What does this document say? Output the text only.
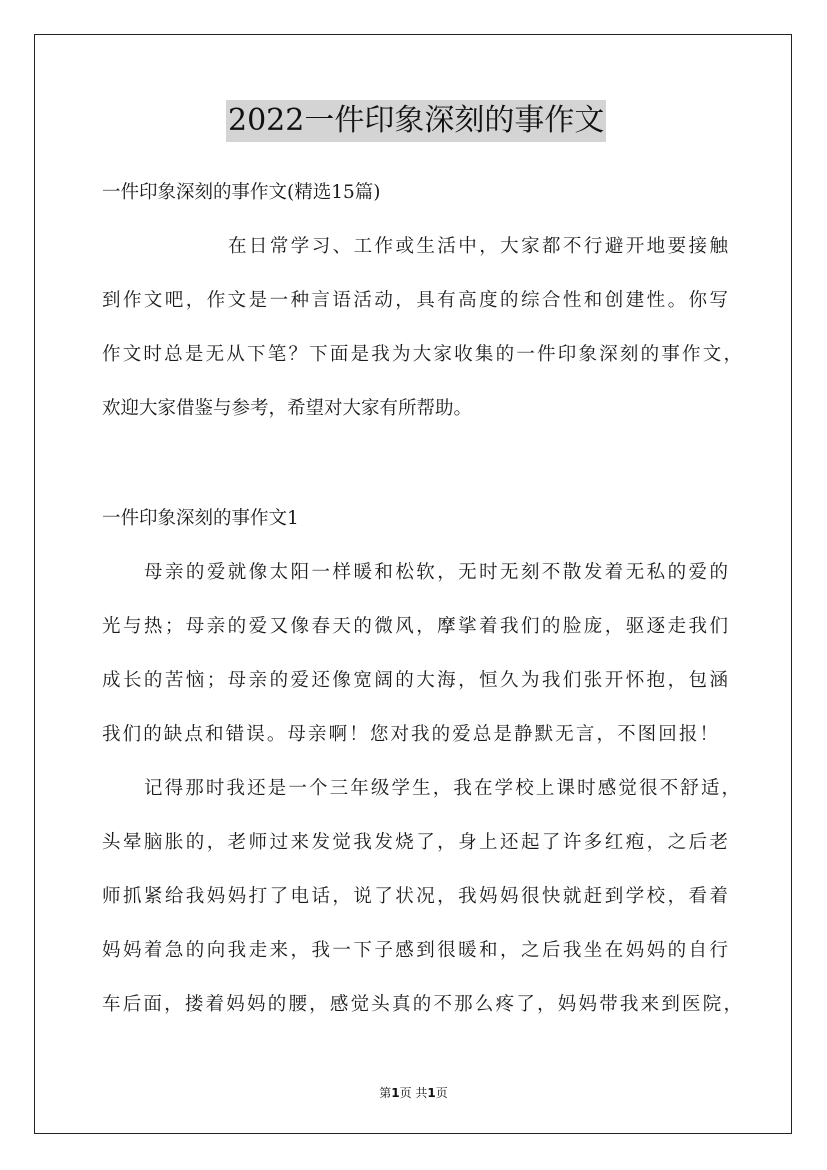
2022一件印象深刻的事作文
一件印象深刻的事作文(精选15篇)
在日常学习、工作或生活中，大家都不行避开地要接触
到作文吧，作文是一种言语活动，具有高度的综合性和创建性。你写
作文时总是无从下笔？下面是我为大家收集的一件印象深刻的事作文，
欢迎大家借鉴与参考，希望对大家有所帮助。
一件印象深刻的事作文1
母亲的爱就像太阳一样暖和松软，无时无刻不散发着无私的爱的
光与热；母亲的爱又像春天的微风，摩挲着我们的脸庞，驱逐走我们
成长的苦恼；母亲的爱还像宽阔的大海，恒久为我们张开怀抱，包涵
我们的缺点和错误。母亲啊！您对我的爱总是静默无言，不图回报！
记得那时我还是一个三年级学生，我在学校上课时感觉很不舒适，
头晕脑胀的，老师过来发觉我发烧了，身上还起了许多红疱，之后老
师抓紧给我妈妈打了电话，说了状况，我妈妈很快就赶到学校，看着
妈妈着急的向我走来，我一下子感到很暖和，之后我坐在妈妈的自行
车后面，搂着妈妈的腰，感觉头真的不那么疼了，妈妈带我来到医院，
第1页 共1页
